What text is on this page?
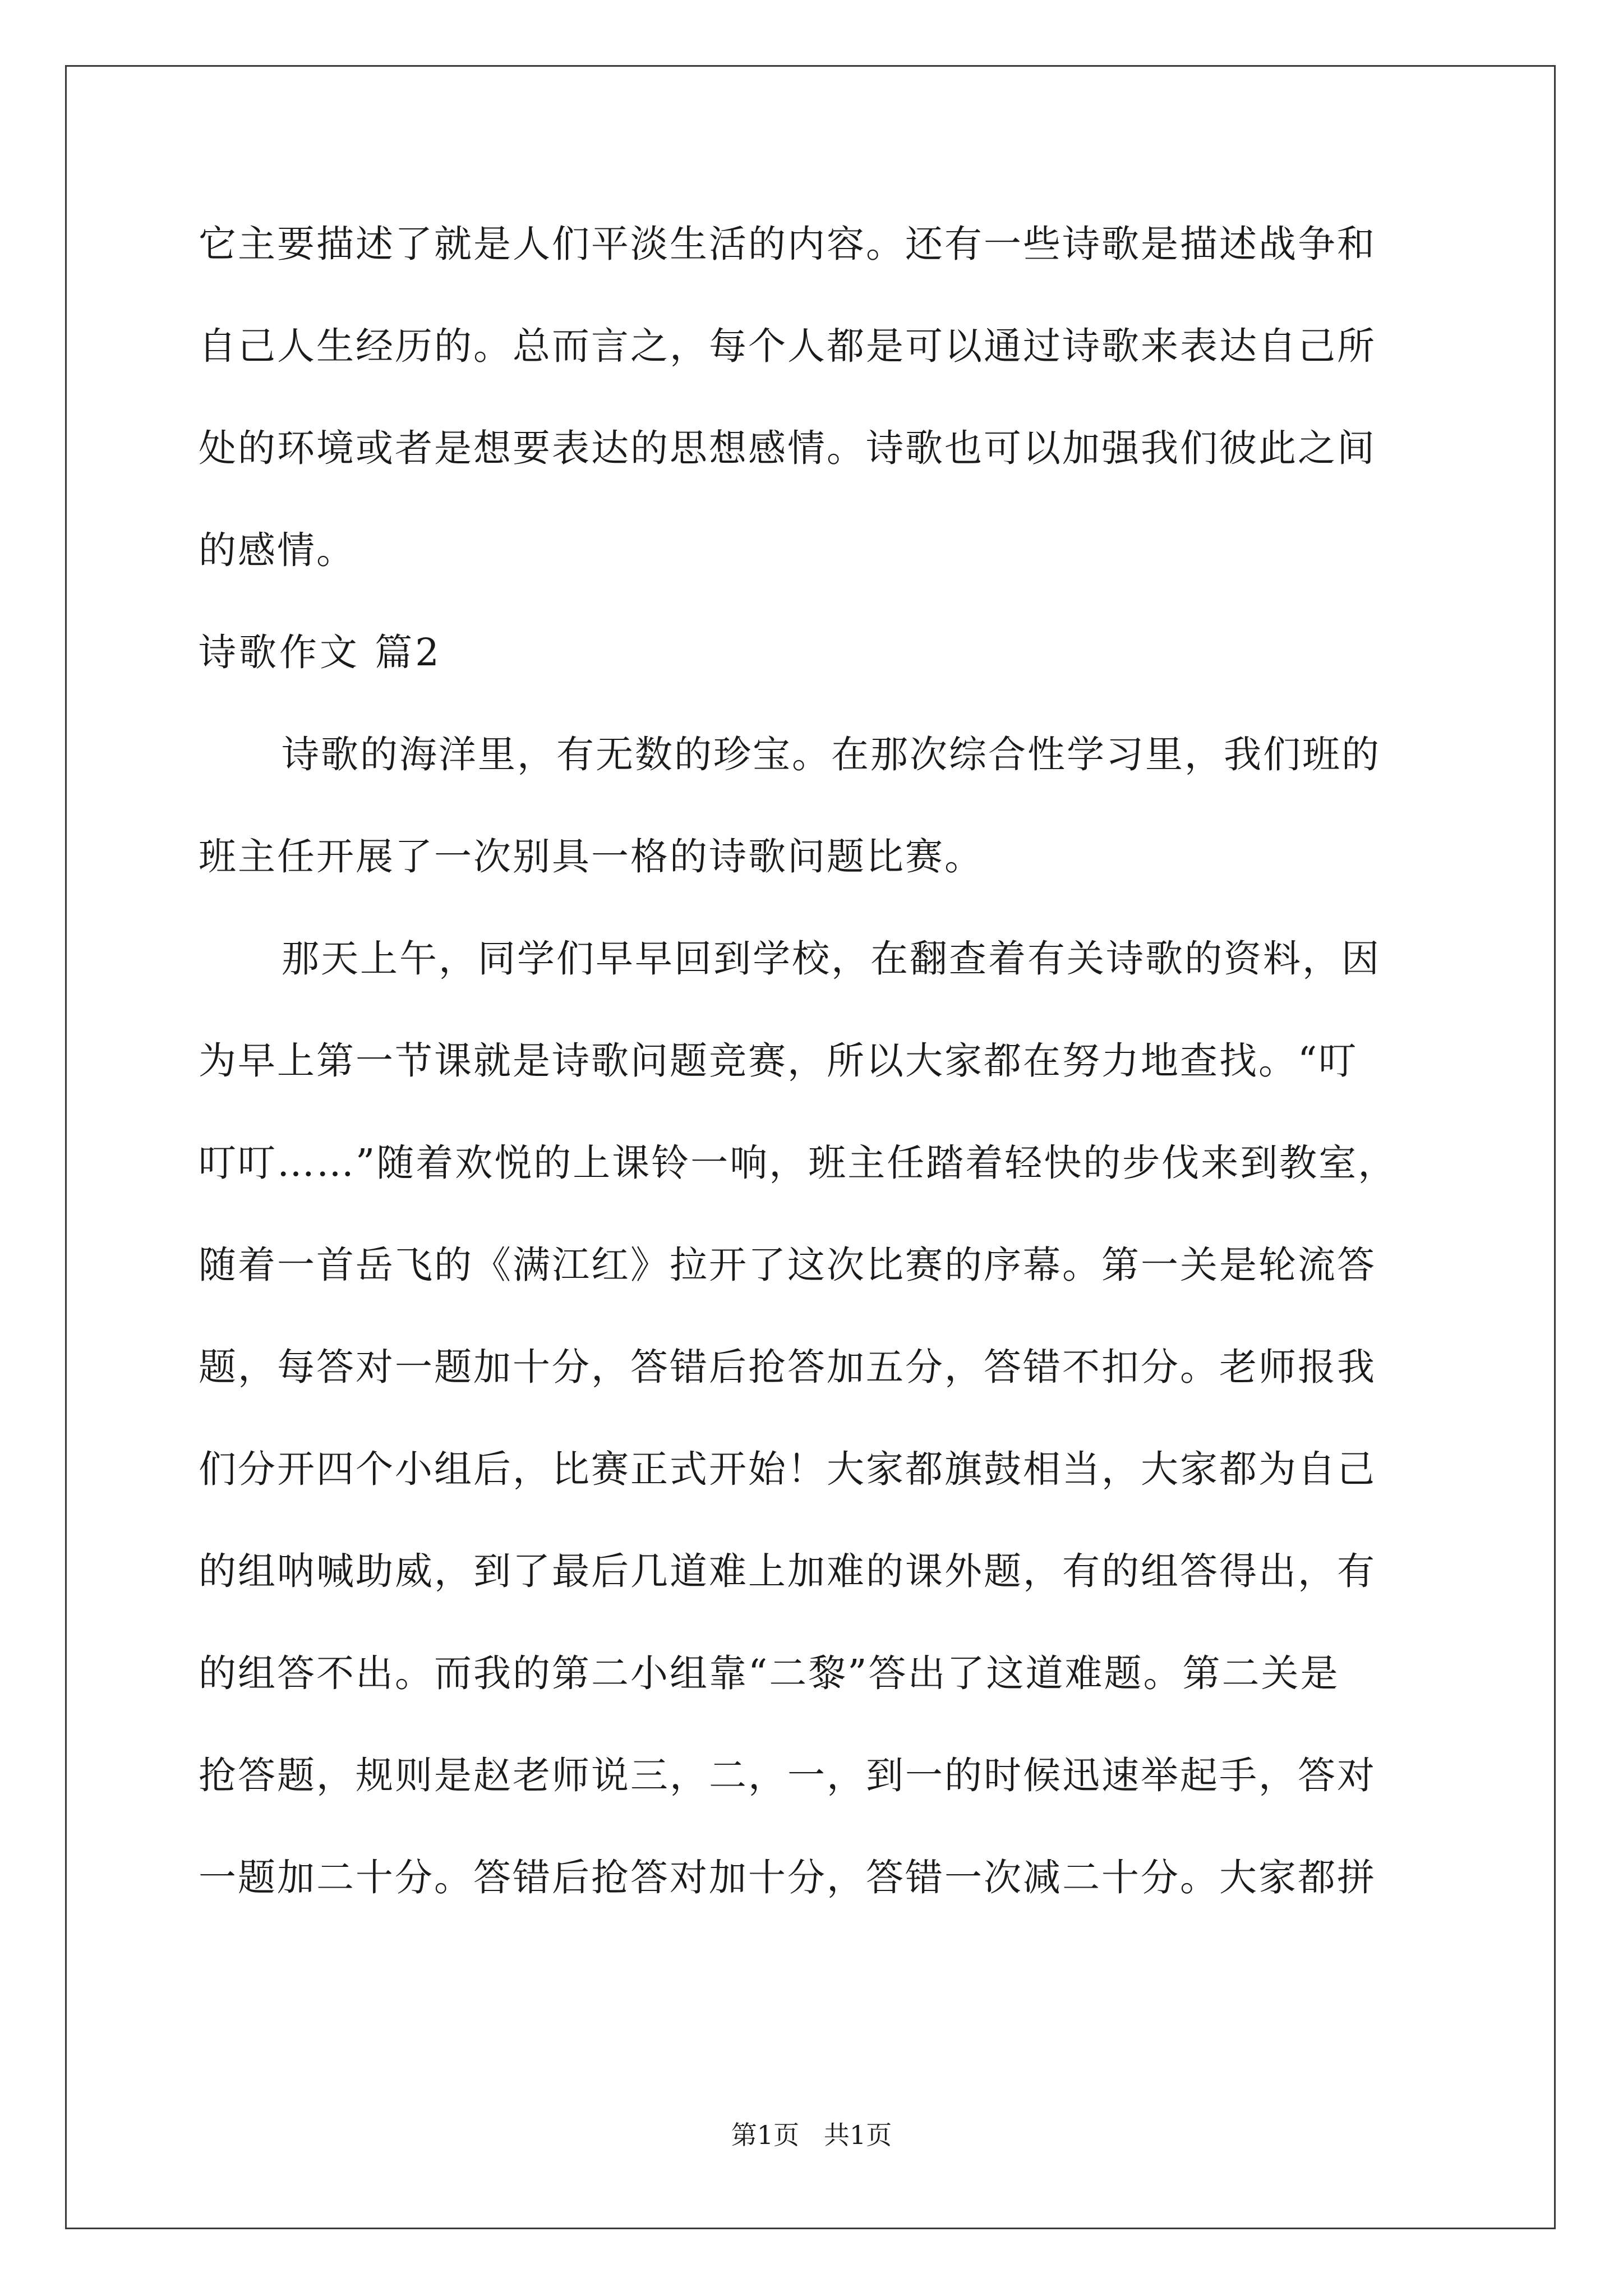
它主要描述了就是人们平淡生活的内容。还有一些诗歌是描述战争和
自己人生经历的。总而言之，每个人都是可以通过诗歌来表达自己所
处的环境或者是想要表达的思想感情。诗歌也可以加强我们彼此之间
的感情。
诗歌作文 篇2
诗歌的海洋里，有无数的珍宝。在那次综合性学习里，我们班的
班主任开展了一次别具一格的诗歌问题比赛。
那天上午，同学们早早回到学校，在翻查着有关诗歌的资料，因
为早上第一节课就是诗歌问题竞赛，所以大家都在努力地查找。“叮
叮叮……”随着欢悦的上课铃一响，班主任踏着轻快的步伐来到教室，
随着一首岳飞的《满江红》拉开了这次比赛的序幕。第一关是轮流答
题，每答对一题加十分，答错后抢答加五分，答错不扣分。老师报我
们分开四个小组后，比赛正式开始！大家都旗鼓相当，大家都为自己
的组呐喊助威，到了最后几道难上加难的课外题，有的组答得出，有
的组答不出。而我的第二小组靠“二黎”答出了这道难题。第二关是
抢答题，规则是赵老师说三，二，一，到一的时候迅速举起手，答对
一题加二十分。答错后抢答对加十分，答错一次减二十分。大家都拼
第1页   共1页
